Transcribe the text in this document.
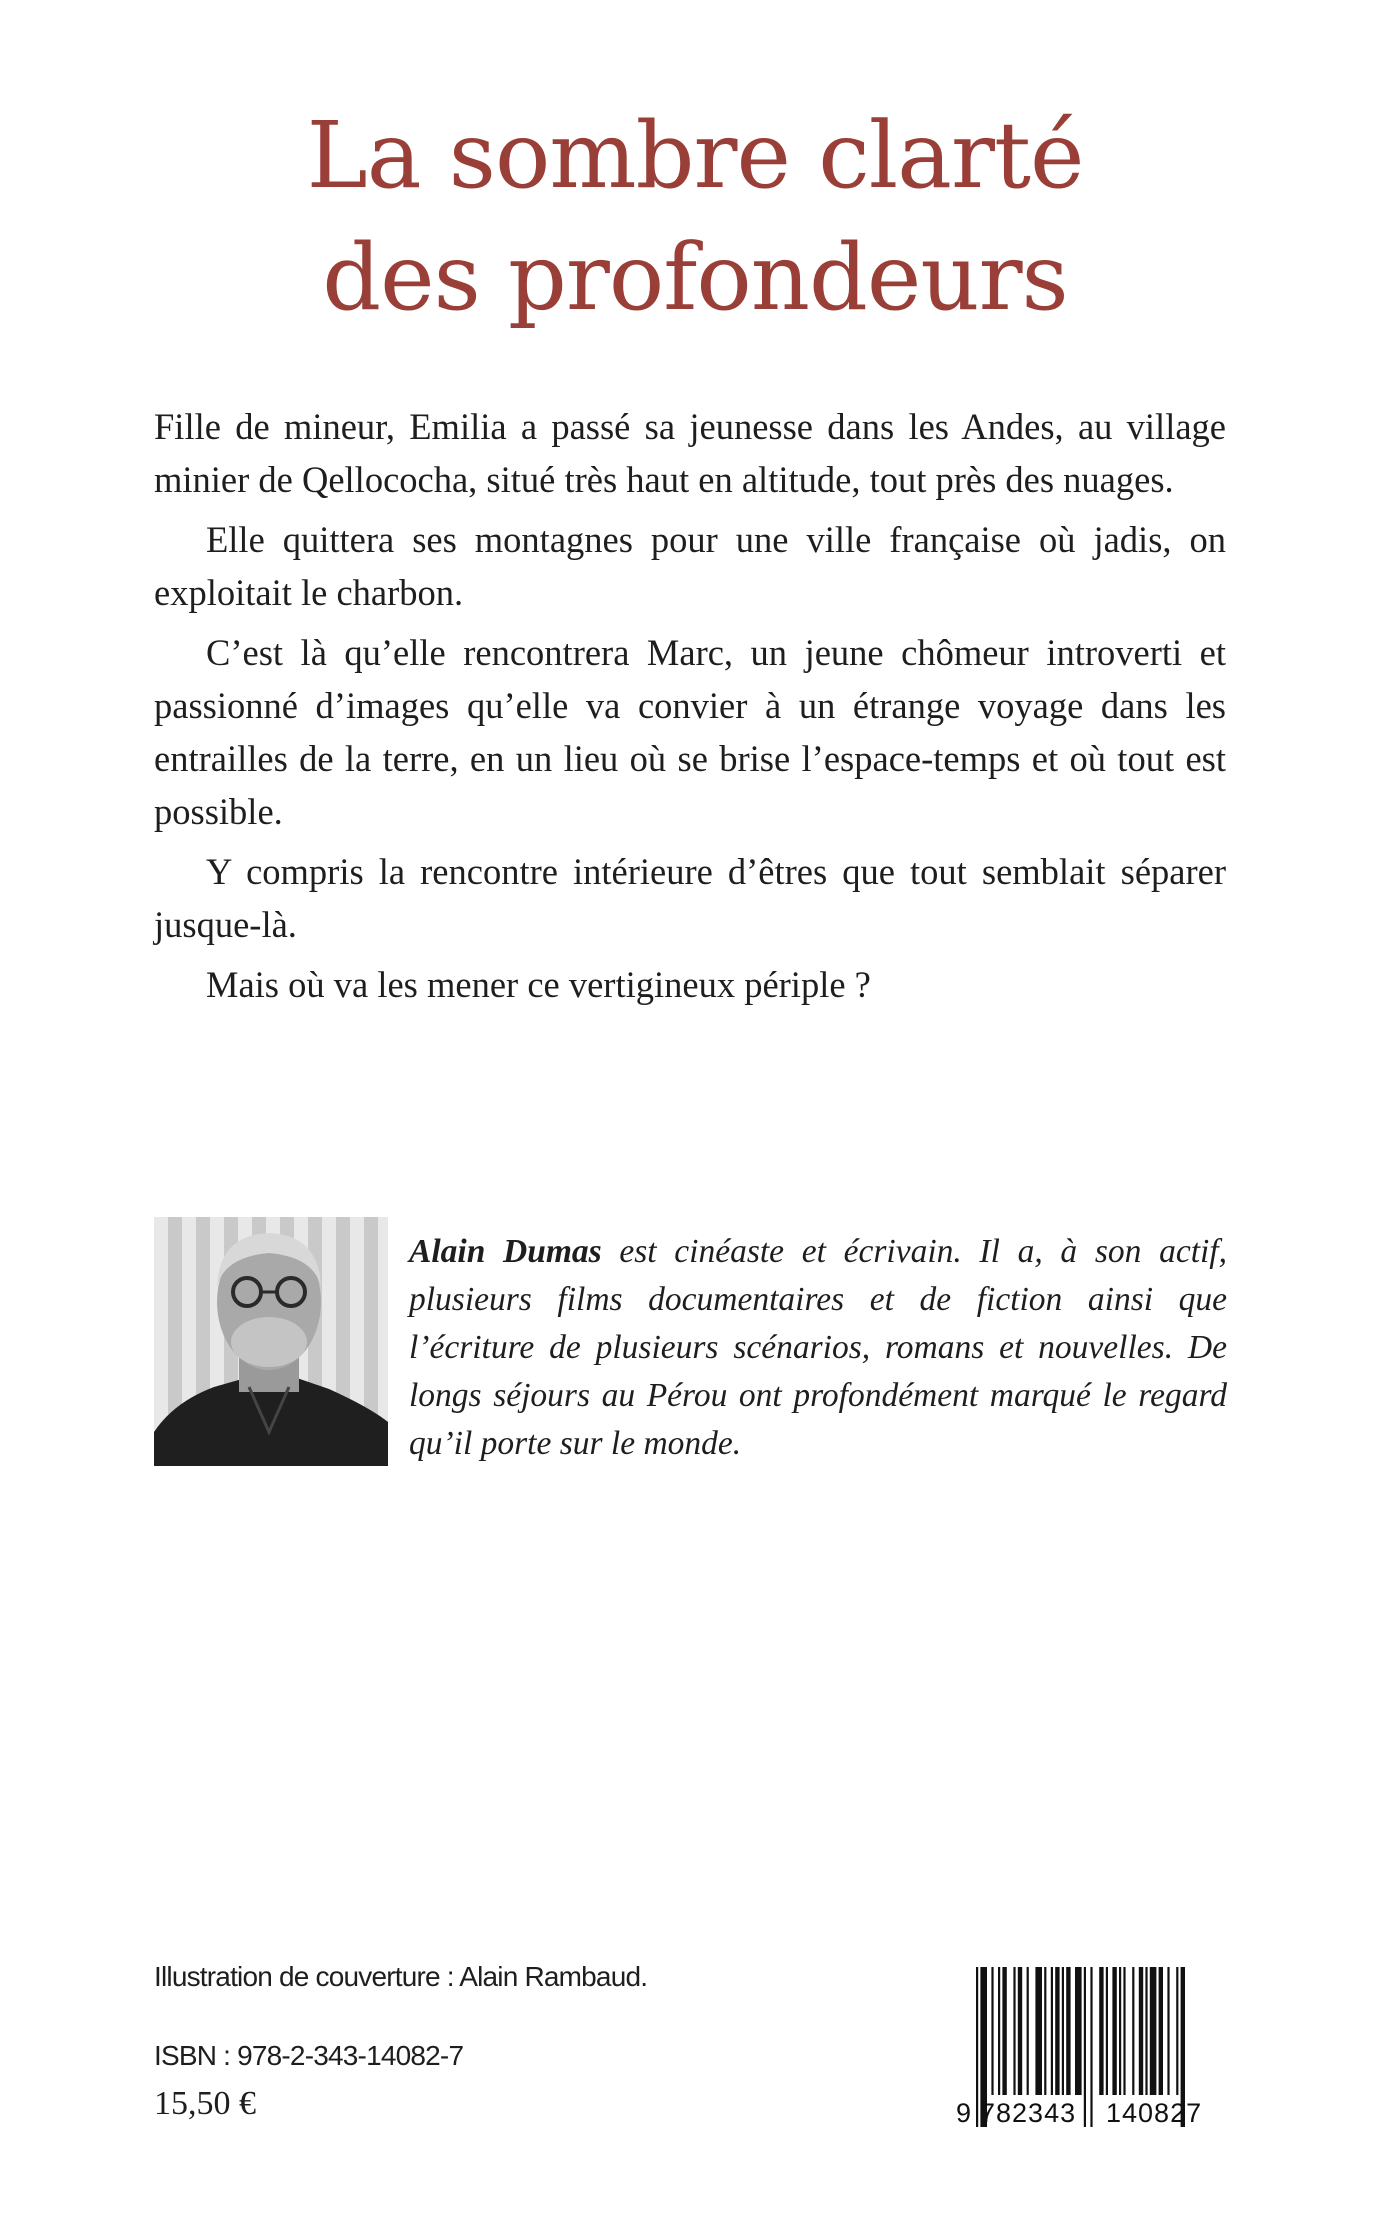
La sombre clarté
des profondeurs

Fille de mineur, Emilia a passé sa jeunesse dans les Andes, au village minier de Qellococha, situé très haut en altitude, tout près des nuages.

Elle quittera ses montagnes pour une ville française où jadis, on exploitait le charbon.

C’est là qu’elle rencontrera Marc, un jeune chômeur introverti et passionné d’images qu’elle va convier à un étrange voyage dans les entrailles de la terre, en un lieu où se brise l’espace-temps et où tout est possible.

Y compris la rencontre intérieure d’êtres que tout semblait séparer jusque-là.

Mais où va les mener ce vertigineux périple ?

Alain Dumas est cinéaste et écrivain. Il a, à son actif, plusieurs films documentaires et de fiction ainsi que l’écriture de plusieurs scénarios, romans et nouvelles. De longs séjours au Pérou ont profondément marqué le regard qu’il porte sur le monde.
Illustration de couverture : Alain Rambaud.
ISBN : 978-2-343-14082-7
15,50 €	9 782343 140827
